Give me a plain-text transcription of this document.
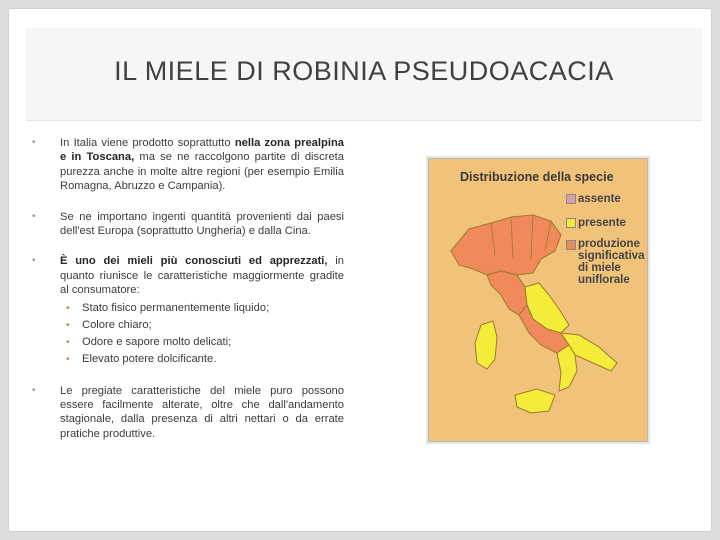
IL MIELE DI ROBINIA PSEUDOACACIA
• In Italia viene prodotto soprattutto nella zona prealpina e in Toscana, ma se ne raccolgono partite di discreta purezza anche in molte altre regioni (per esempio Emilia Romagna, Abruzzo e Campania).
• Se ne importano ingenti quantità provenienti dai paesi dell'est Europa (soprattutto Ungheria) e dalla Cina.
• È uno dei mieli più conosciuti ed apprezzati, in quanto riunisce le caratteristiche maggiormente gradite al consumatore:
• Stato fisico permanentemente liquido;
• Colore chiaro;
• Odore e sapore molto delicati;
• Elevato potere dolcificante.
• Le pregiate caratteristiche del miele puro possono essere facilmente alterate, oltre che dall'andamento stagionale, dalla presenza di altri nettari o da errate pratiche produttive.
Distribuzione della specie
assente
presente
produzione significativa di miele uniflorale
